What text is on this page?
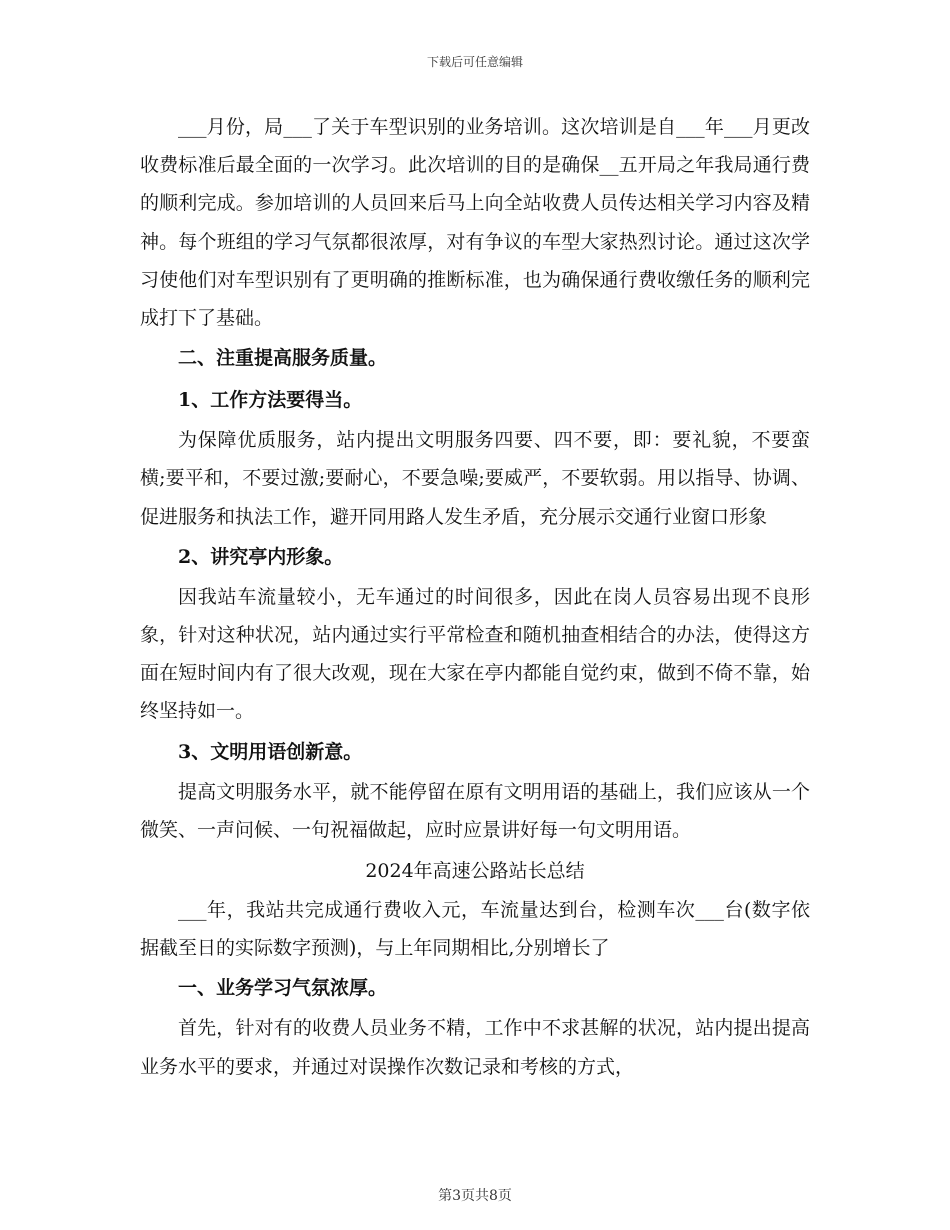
下载后可任意编辑

___月份，局___了关于车型识别的业务培训。这次培训是自___年___月更改收费标准后最全面的一次学习。此次培训的目的是确保__五开局之年我局通行费的顺利完成。参加培训的人员回来后马上向全站收费人员传达相关学习内容及精神。每个班组的学习气氛都很浓厚，对有争议的车型大家热烈讨论。通过这次学习使他们对车型识别有了更明确的推断标准，也为确保通行费收缴任务的顺利完成打下了基础。

二、注重提高服务质量。

1、工作方法要得当。

为保障优质服务，站内提出文明服务四要、四不要，即：要礼貌，不要蛮横;要平和，不要过激;要耐心，不要急噪;要威严，不要软弱。用以指导、协调、促进服务和执法工作，避开同用路人发生矛盾，充分展示交通行业窗口形象

2、讲究亭内形象。

因我站车流量较小，无车通过的时间很多，因此在岗人员容易出现不良形象，针对这种状况，站内通过实行平常检查和随机抽查相结合的办法，使得这方面在短时间内有了很大改观，现在大家在亭内都能自觉约束，做到不倚不靠，始终坚持如一。

3、文明用语创新意。

提高文明服务水平，就不能停留在原有文明用语的基础上，我们应该从一个微笑、一声问候、一句祝福做起，应时应景讲好每一句文明用语。

2024年高速公路站长总结

___年，我站共完成通行费收入元，车流量达到台，检测车次___台(数字依据截至日的实际数字预测)，与上年同期相比,分别增长了

一、业务学习气氛浓厚。

首先，针对有的收费人员业务不精，工作中不求甚解的状况，站内提出提高业务水平的要求，并通过对误操作次数记录和考核的方式，

第3页共8页
